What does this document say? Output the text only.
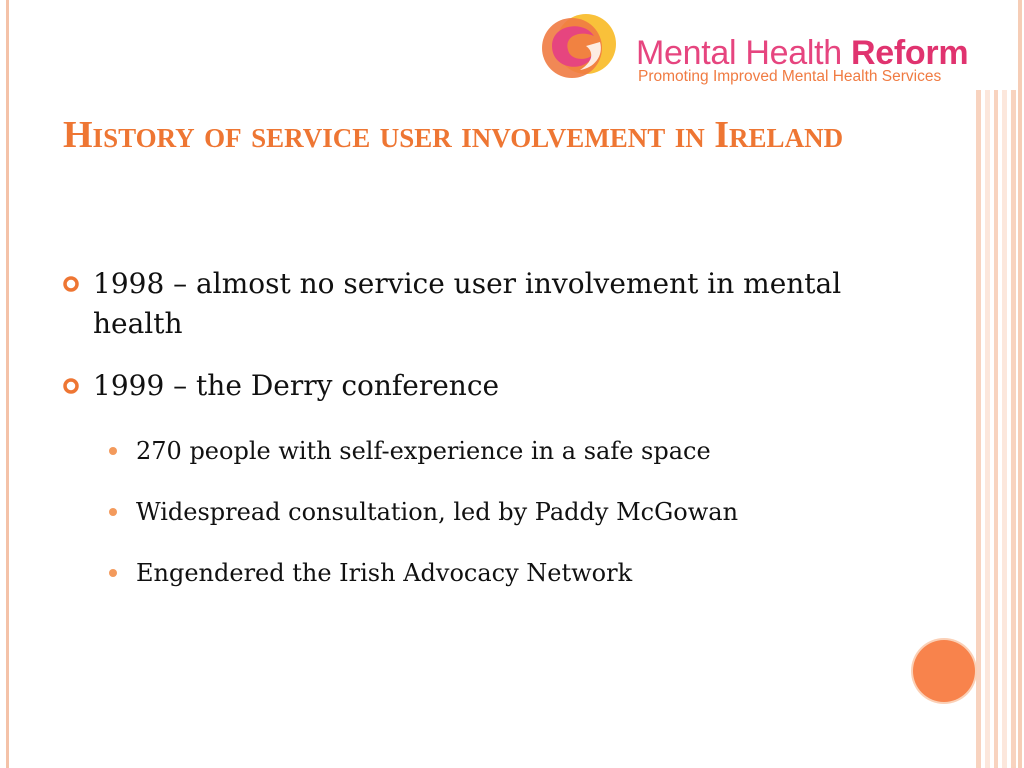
Mental Health Reform
Promoting Improved Mental Health Services
History of service user involvement in Ireland
1998 – almost no service user involvement in mental health
1999 – the Derry conference
270 people with self-experience in a safe space
Widespread consultation, led by Paddy McGowan
Engendered the Irish Advocacy Network
